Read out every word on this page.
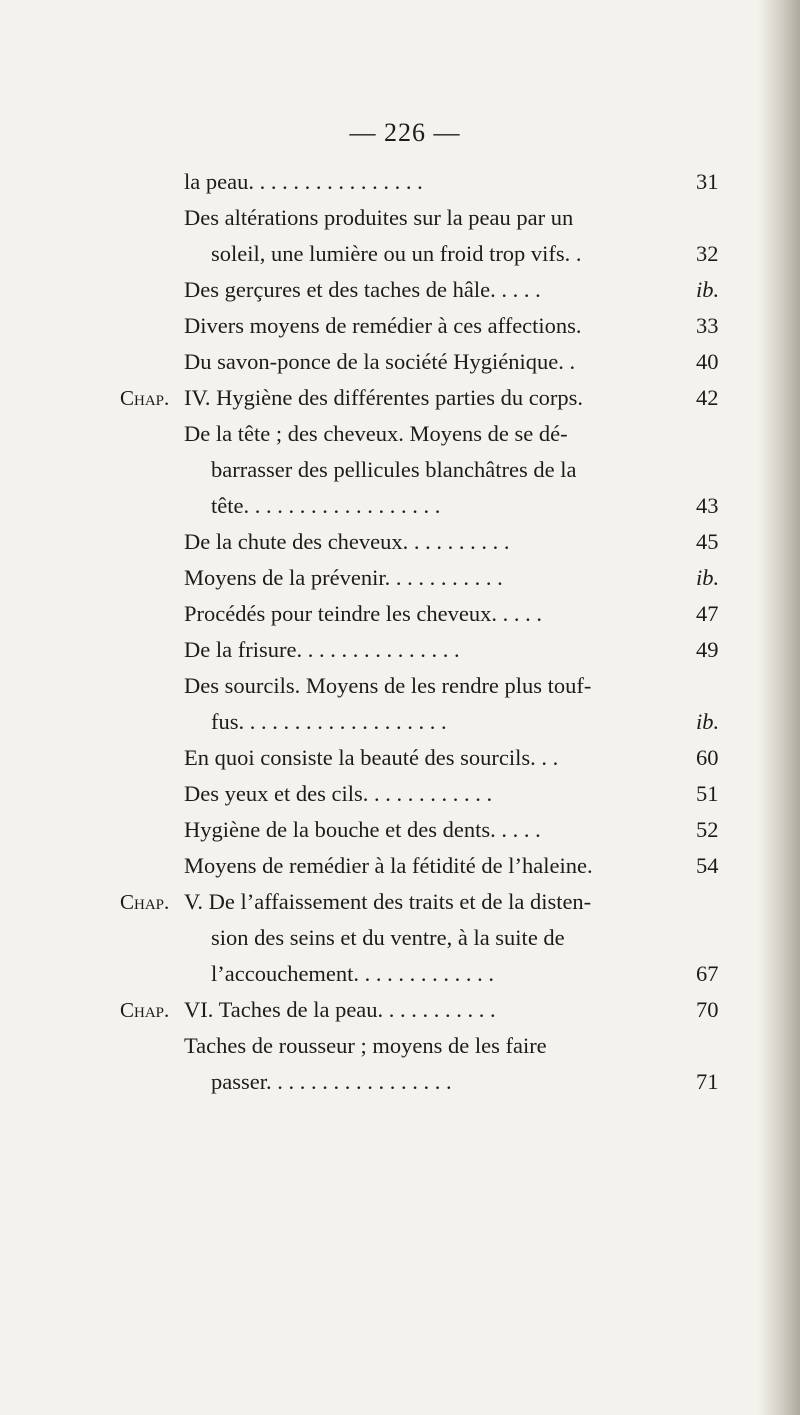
— 226 —
la peau. . . . . . . . . . . . . . . .	31
Des altérations produites sur la peau par un
soleil, une lumière ou un froid trop vifs. .	32
Des gerçures et des taches de hâle. . . . .	ib.
Divers moyens de remédier à ces affections.	33
Du savon-ponce de la société Hygiénique. .	40
Chap. IV. Hygiène des différentes parties du corps.	42
De la tête ; des cheveux. Moyens de se dé-
barrasser des pellicules blanchâtres de la
tête. . . . . . . . . . . . . . . . . .	43
De la chute des cheveux. . . . . . . . . .	45
Moyens de la prévenir. . . . . . . . . . .	ib.
Procédés pour teindre les cheveux. . . . .	47
De la frisure. . . . . . . . . . . . . . .	49
Des sourcils. Moyens de les rendre plus touf-
fus. . . . . . . . . . . . . . . . . . .	ib.
En quoi consiste la beauté des sourcils. . .	60
Des yeux et des cils. . . . . . . . . . . .	51
Hygiène de la bouche et des dents. . . . .	52
Moyens de remédier à la fétidité de l’haleine.	54
Chap. V. De l’affaissement des traits et de la disten-
sion des seins et du ventre, à la suite de
l’accouchement. . . . . . . . . . . . .	67
Chap. VI. Taches de la peau. . . . . . . . . . .	70
Taches de rousseur ; moyens de les faire
passer. . . . . . . . . . . . . . . . .	71
